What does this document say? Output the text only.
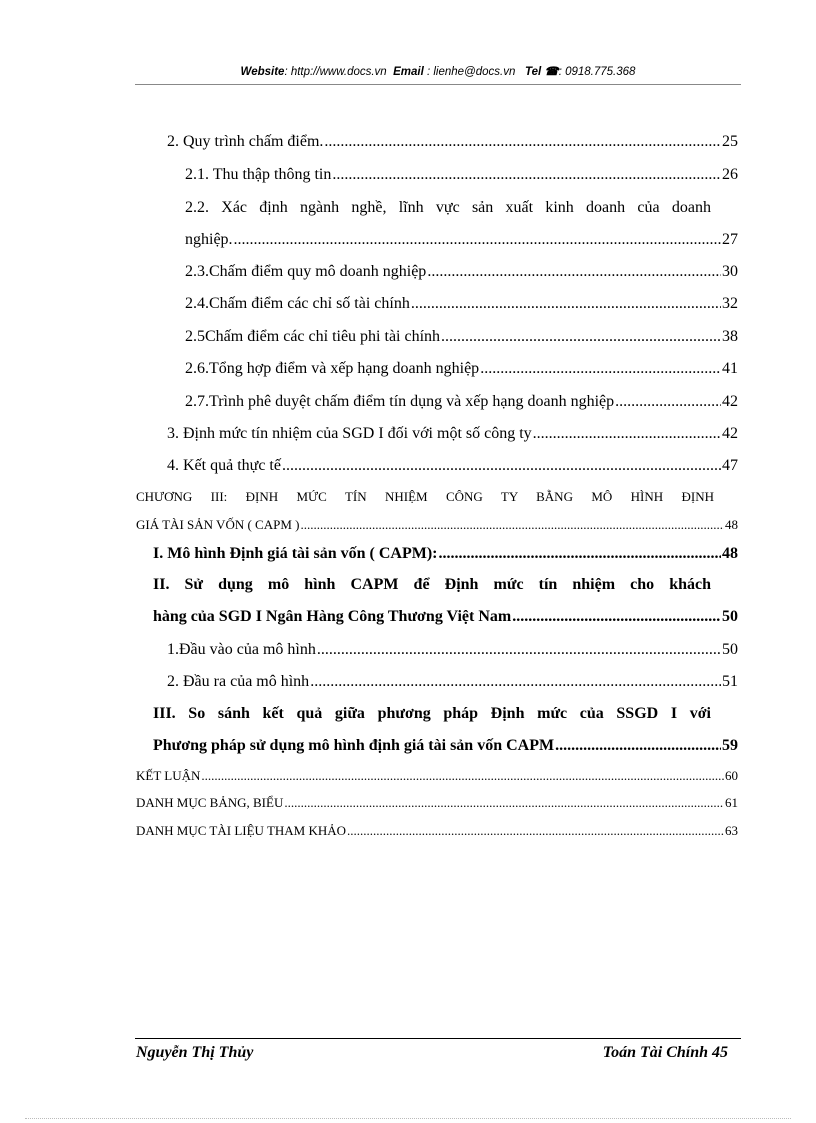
Website: http://www.docs.vn Email : lienhe@docs.vn Tel ☎: 0918.775.368
2. Quy trình chấm điểm. .....	25
2.1. Thu thập thông tin .....	26
2.2. Xác định ngành nghề, lĩnh vực sản xuất kinh doanh của doanh
nghiệp. .....	27
2.3.Chấm điểm quy mô doanh nghiệp .....	30
2.4.Chấm điểm các chỉ số tài chính .....	32
2.5Chấm điểm các chỉ tiêu phi tài chính .....	38
2.6.Tổng hợp điểm và xếp hạng doanh nghiệp .....	41
2.7.Trình phê duyệt chấm điểm tín dụng và xếp hạng doanh nghiệp .....	42
3. Định mức tín nhiệm của SGD I đối với một số công ty .....	42
4. Kết quả thực tế .....	47
CHƯƠNG III: ĐỊNH MỨC TÍN NHIỆM CÔNG TY BẰNG MÔ HÌNH ĐỊNH
GIÁ TÀI SẢN VỐN ( CAPM ) .....	48
I. Mô hình Định giá tài sản vốn ( CAPM): .....	48
II. Sử dụng mô hình CAPM để Định mức tín nhiệm cho khách
hàng của SGD I Ngân Hàng Công Thương Việt Nam .....	50
1.Đầu vào của mô hình .....	50
2. Đầu ra của mô hình .....	51
III. So sánh kết quả giữa phương pháp Định mức của SSGD I với
Phương pháp sử dụng mô hình định giá tài sản vốn CAPM .....	59
KẾT LUẬN .....	60
DANH MỤC BẢNG, BIỂU .....	61
DANH MỤC TÀI LIỆU THAM KHẢO .....	63
Nguyễn Thị Thủy	Toán Tài Chính 45
